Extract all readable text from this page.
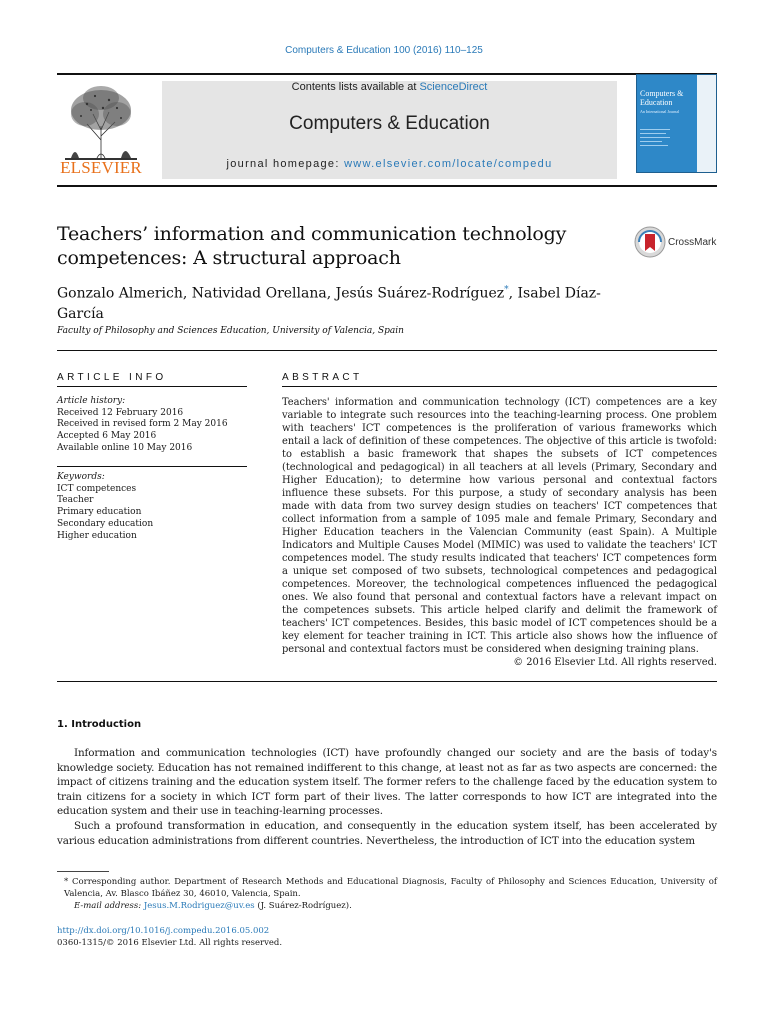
Computers & Education 100 (2016) 110–125
ELSEVIER
Contents lists available at ScienceDirect
Computers & Education
journal homepage: www.elsevier.com/locate/compedu
Computers & Education
An International Journal
Teachers’ information and communication technology competences: A structural approach
CrossMark
Gonzalo Almerich, Natividad Orellana, Jesús Suárez-Rodríguez*, Isabel Díaz-García
Faculty of Philosophy and Sciences Education, University of Valencia, Spain
ARTICLE INFO	ABSTRACT
Article history:
Received 12 February 2016
Received in revised form 2 May 2016
Accepted 6 May 2016
Available online 10 May 2016
Keywords:
ICT competences
Teacher
Primary education
Secondary education
Higher education
Teachers' information and communication technology (ICT) competences are a key variable to integrate such resources into the teaching-learning process. One problem with teachers' ICT competences is the proliferation of various frameworks which entail a lack of definition of these competences. The objective of this article is twofold: to establish a basic framework that shapes the subsets of ICT competences (technological and pedagogical) in all teachers at all levels (Primary, Secondary and Higher Education); to determine how various personal and contextual factors influence these subsets. For this purpose, a study of secondary analysis has been made with data from two survey design studies on teachers' ICT competences that collect information from a sample of 1095 male and female Primary, Secondary and Higher Education teachers in the Valencian Community (east Spain). A Multiple Indicators and Multiple Causes Model (MIMIC) was used to validate the teachers' ICT competences model. The study results indicated that teachers' ICT competences form a unique set composed of two subsets, technological competences and pedagogical competences. Moreover, the technological competences influenced the pedagogical ones. We also found that personal and contextual factors have a relevant impact on the competences subsets. This article helped clarify and delimit the framework of teachers' ICT competences. Besides, this basic model of ICT competences should be a key element for teacher training in ICT. This article also shows how the influence of personal and contextual factors must be considered when designing training plans.
© 2016 Elsevier Ltd. All rights reserved.
1. Introduction

Information and communication technologies (ICT) have profoundly changed our society and are the basis of today's knowledge society. Education has not remained indifferent to this change, at least not as far as two aspects are concerned: the impact of citizens training and the education system itself. The former refers to the challenge faced by the education system to train citizens for a society in which ICT form part of their lives. The latter corresponds to how ICT are integrated into the education system and their use in teaching-learning processes.

Such a profound transformation in education, and consequently in the education system itself, has been accelerated by various education administrations from different countries. Nevertheless, the introduction of ICT into the education system

* Corresponding author. Department of Research Methods and Educational Diagnosis, Faculty of Philosophy and Sciences Education, University of Valencia, Av. Blasco Ibáñez 30, 46010, Valencia, Spain.
E-mail address: Jesus.M.Rodriguez@uv.es (J. Suárez-Rodríguez).
http://dx.doi.org/10.1016/j.compedu.2016.05.002
0360-1315/© 2016 Elsevier Ltd. All rights reserved.
